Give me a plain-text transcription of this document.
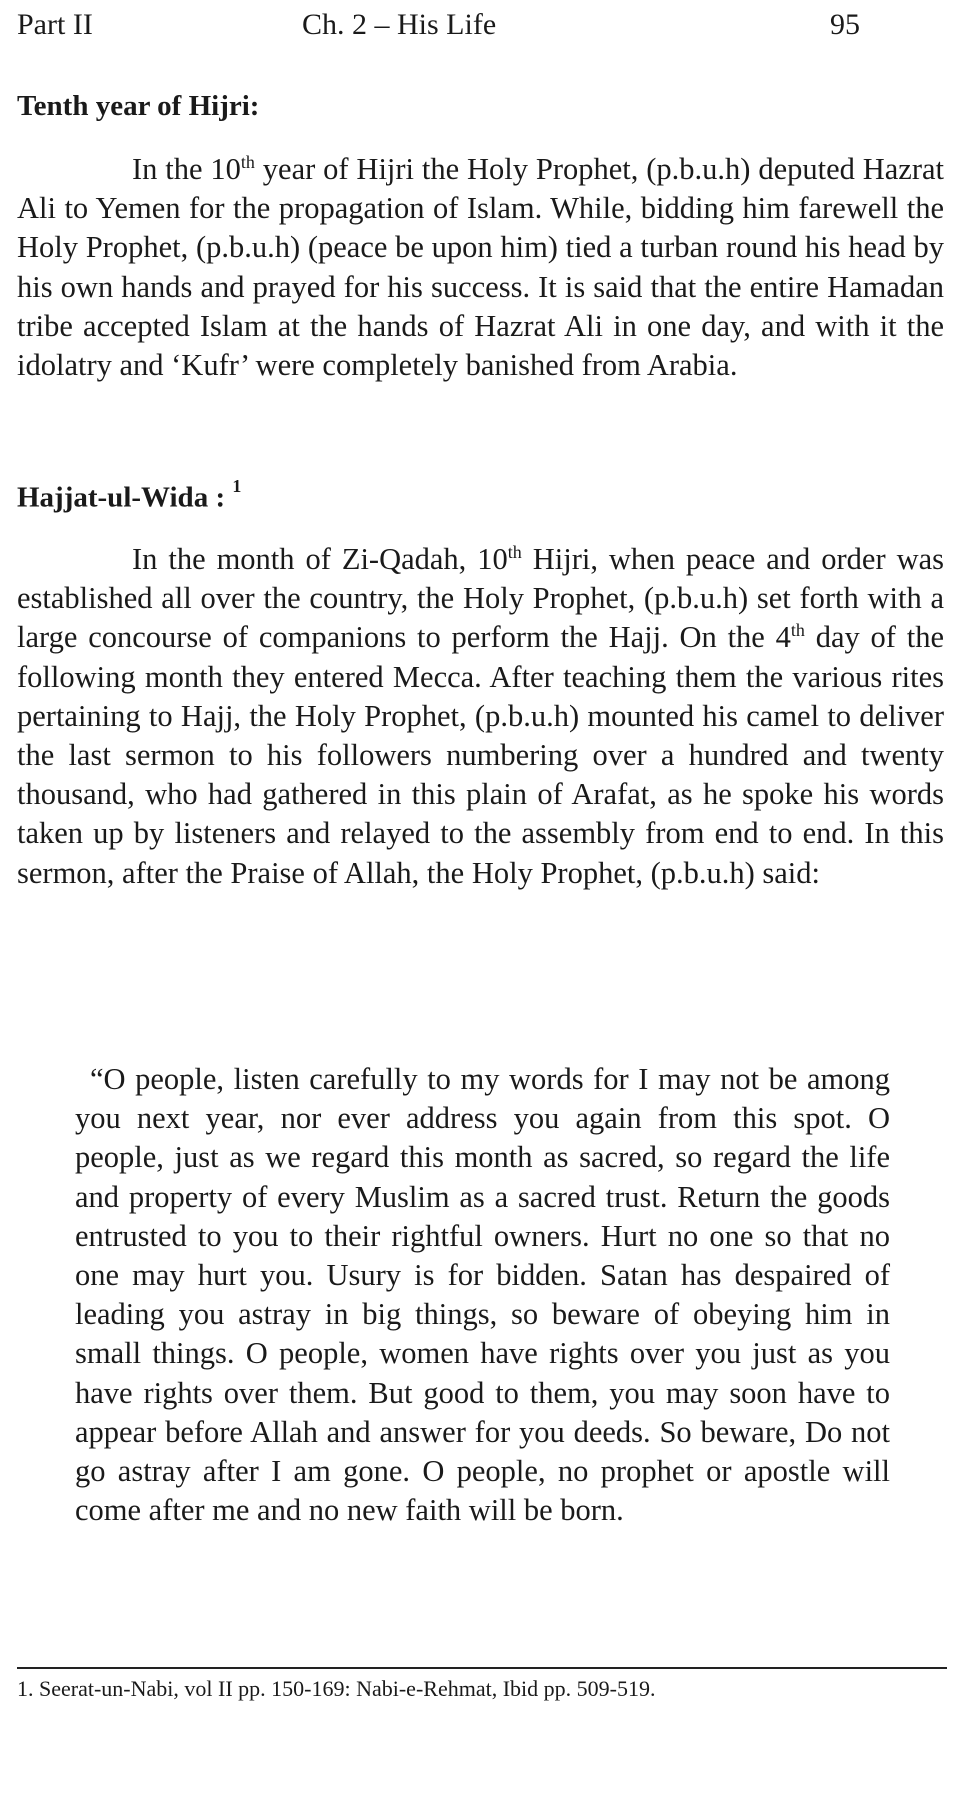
Part II	Ch. 2 – His Life	95
Tenth year of Hijri:

In the 10th year of Hijri the Holy Prophet, (p.b.u.h) deputed Hazrat Ali to Yemen for the propagation of Islam. While, bidding him farewell the Holy Prophet, (p.b.u.h) (peace be upon him) tied a turban round his head by his own hands and prayed for his success. It is said that the entire Hamadan tribe accepted Islam at the hands of Hazrat Ali in one day, and with it the idolatry and ‘Kufr’ were completely banished from Arabia.

Hajjat-ul-Wida : $^1$

In the month of Zi-Qadah, 10th Hijri, when peace and order was established all over the country, the Holy Prophet, (p.b.u.h) set forth with a large concourse of companions to perform the Hajj. On the 4th day of the following month they entered Mecca. After teaching them the various rites pertaining to Hajj, the Holy Prophet, (p.b.u.h) mounted his camel to deliver the last sermon to his followers numbering over a hundred and twenty thousand, who had gathered in this plain of Arafat, as he spoke his words taken up by listeners and relayed to the assembly from end to end. In this sermon, after the Praise of Allah, the Holy Prophet, (p.b.u.h) said:

“O people, listen carefully to my words for I may not be among you next year, nor ever address you again from this spot. O people, just as we regard this month as sacred, so regard the life and property of every Muslim as a sacred trust. Return the goods entrusted to you to their rightful owners. Hurt no one so that no one may hurt you. Usury is for bidden. Satan has despaired of leading you astray in big things, so beware of obeying him in small things. O people, women have rights over you just as you have rights over them. But good to them, you may soon have to appear before Allah and answer for you deeds. So beware, Do not go astray after I am gone. O people, no prophet or apostle will come after me and no new faith will be born.

1. Seerat-un-Nabi, vol II pp. 150-169: Nabi-e-Rehmat, Ibid pp. 509-519.
